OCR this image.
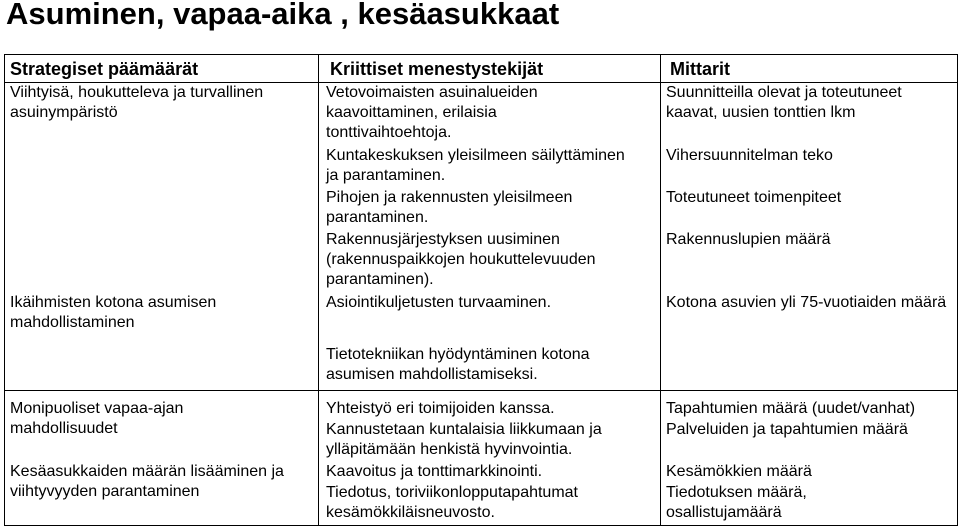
Asuminen, vapaa-aika , kesäasukkaat
Strategiset päämäärät	Kriittiset menestystekijät	Mittarit
Viihtyisä, houkutteleva ja turvallinen asuinympäristö
Ikäihmisten kotona asumisen mahdollistaminen
Monipuoliset vapaa-ajan mahdollisuudet
Kesäasukkaiden määrän lisääminen ja viihtyvyyden parantaminen
Vetovoimaisten asuinalueiden kaavoittaminen, erilaisia tonttivaihtoehtoja.
Kuntakeskuksen yleisilmeen säilyttäminen ja parantaminen.
Pihojen ja rakennusten yleisilmeen parantaminen.
Rakennusjärjestyksen uusiminen (rakennuspaikkojen houkuttelevuuden parantaminen).
Asiointikuljetusten turvaaminen.
Tietotekniikan hyödyntäminen kotona asumisen mahdollistamiseksi.
Yhteistyö eri toimijoiden kanssa.
Kannustetaan kuntalaisia liikkumaan ja ylläpitämään henkistä hyvinvointia.
Kaavoitus ja tonttimarkkinointi.
Tiedotus, toriviikonlopputapahtumat kesämökkiläisneuvosto.
Suunnitteilla olevat ja toteutuneet kaavat, uusien tonttien lkm
Vihersuunnitelman teko
Toteutuneet toimenpiteet
Rakennuslupien määrä
Kotona asuvien yli 75-vuotiaiden määrä
Tapahtumien määrä (uudet/vanhat)
Palveluiden ja tapahtumien määrä
Kesämökkien määrä
Tiedotuksen määrä, osallistujamäärä
